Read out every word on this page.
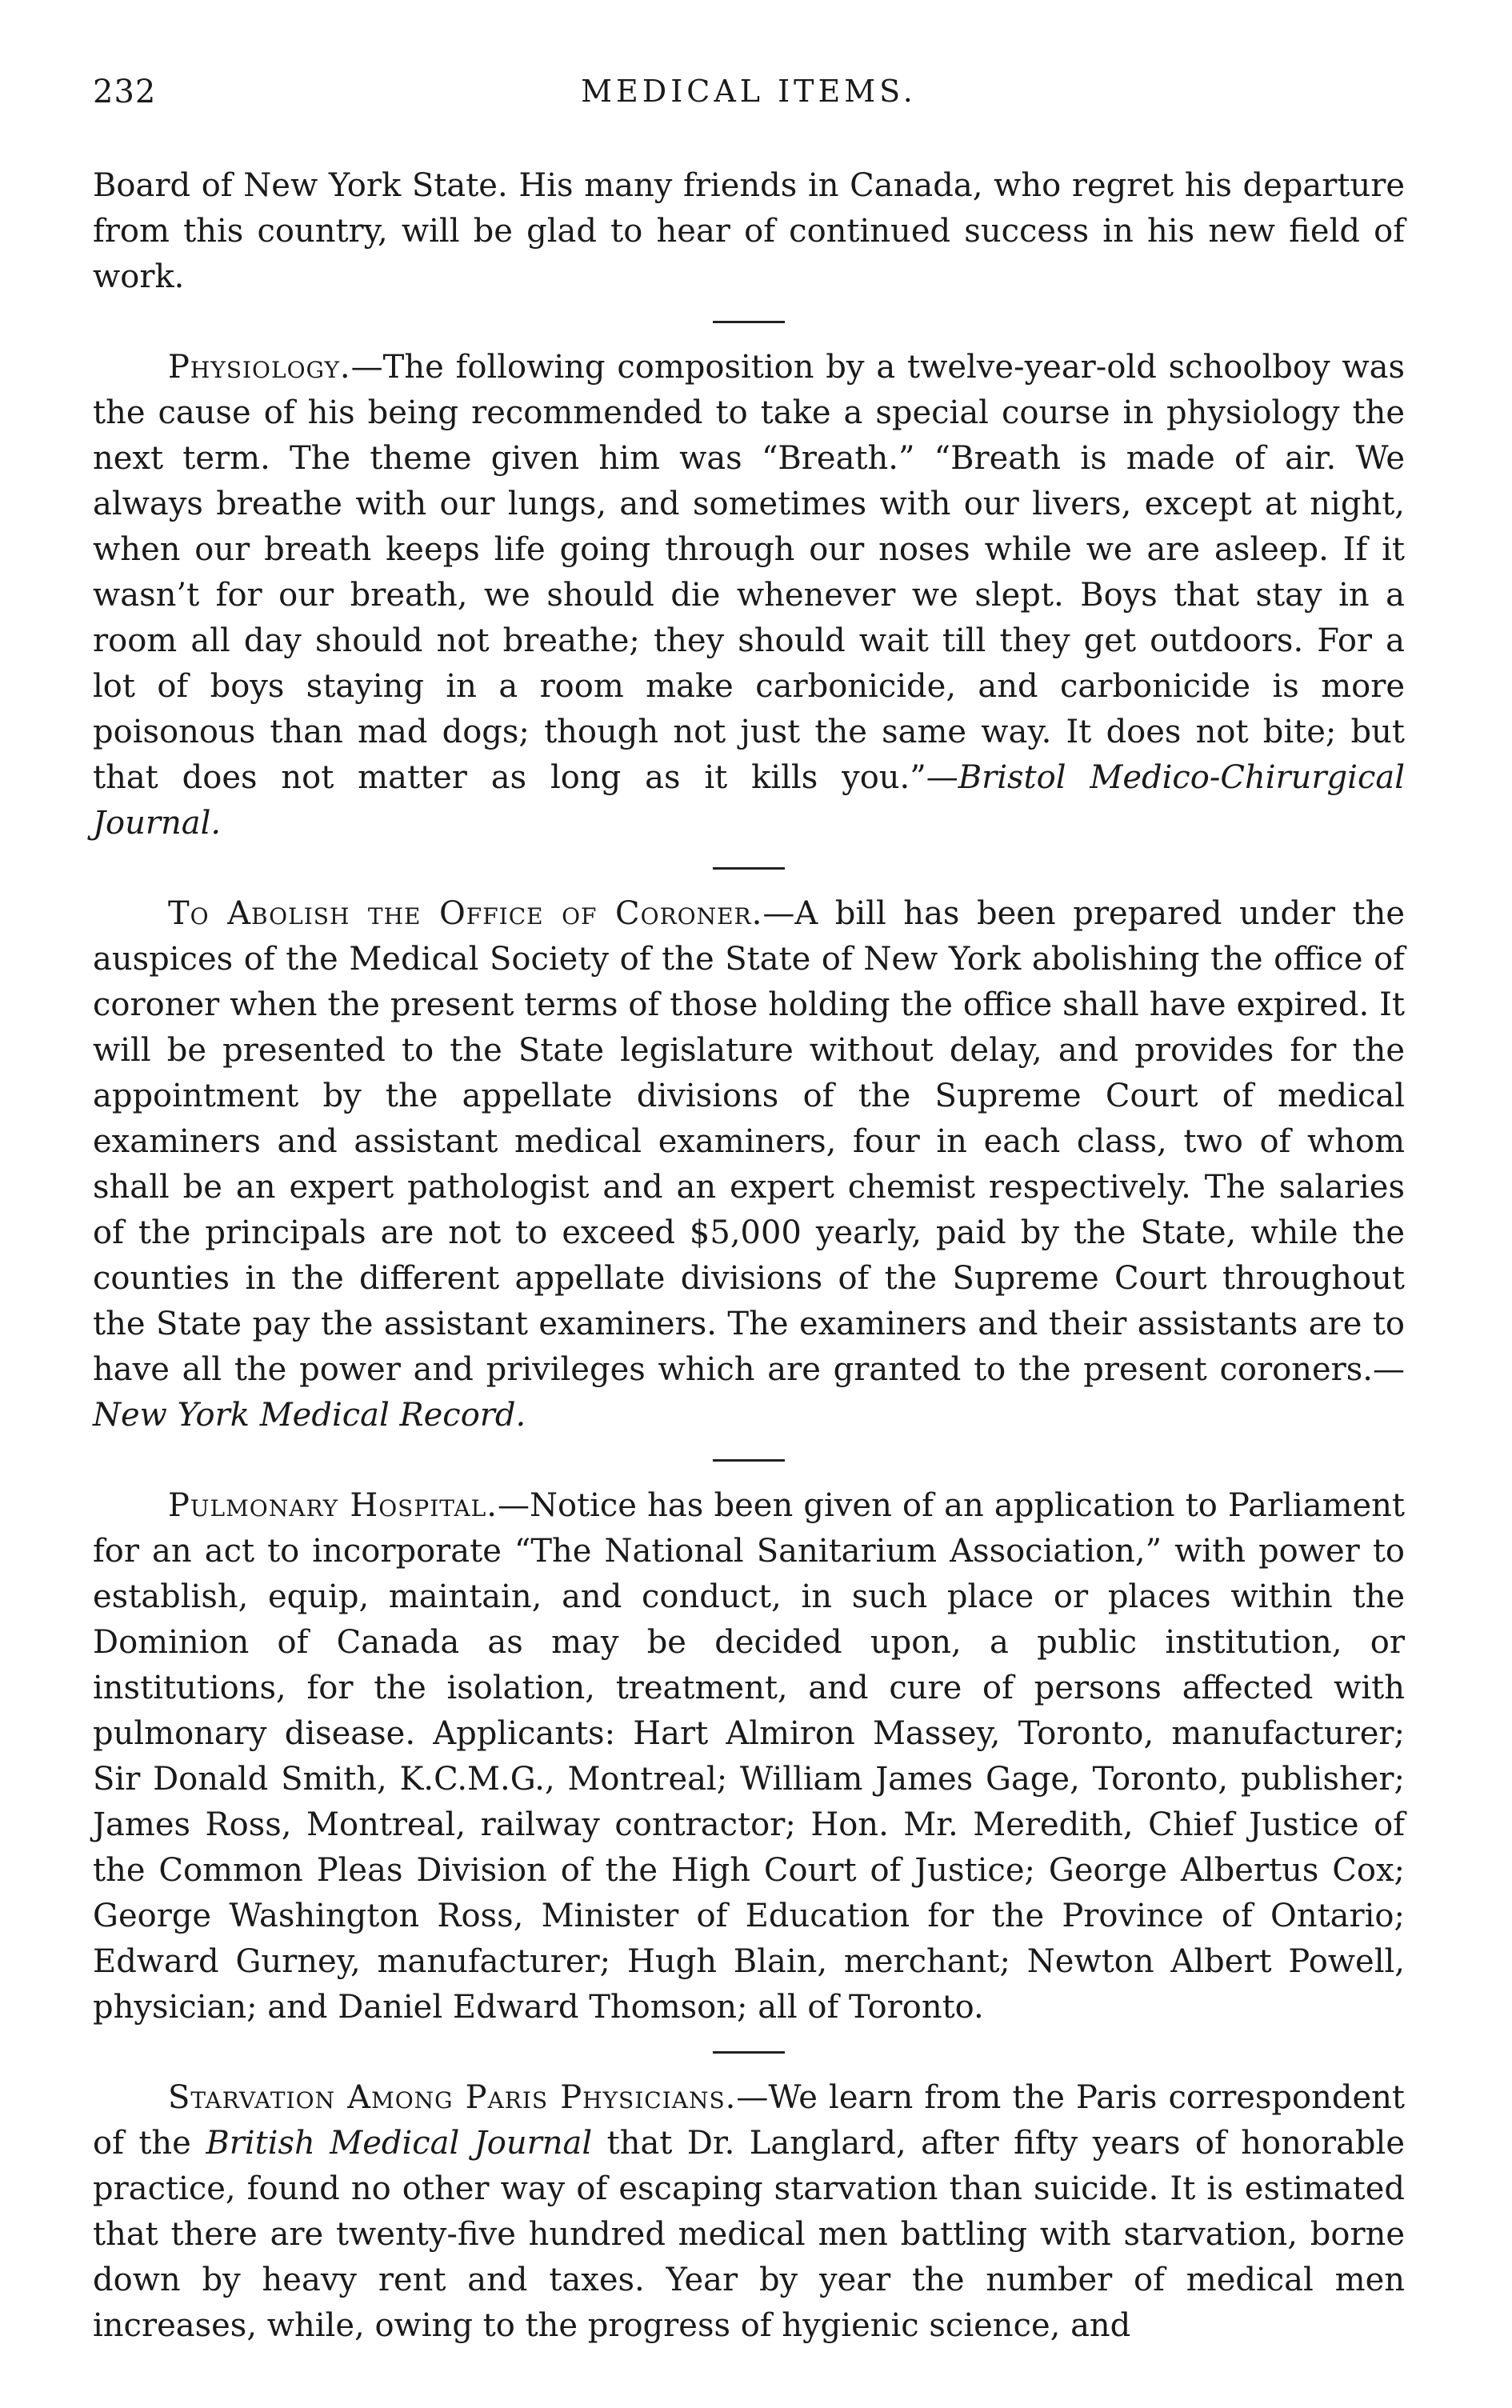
232	MEDICAL ITEMS.

Board of New York State. His many friends in Canada, who regret his departure from this country, will be glad to hear of continued success in his new field of work.

Physiology.—The following composition by a twelve-year-old schoolboy was the cause of his being recommended to take a special course in physiology the next term. The theme given him was “Breath.” “Breath is made of air. We always breathe with our lungs, and sometimes with our livers, except at night, when our breath keeps life going through our noses while we are asleep. If it wasn’t for our breath, we should die whenever we slept. Boys that stay in a room all day should not breathe; they should wait till they get outdoors. For a lot of boys staying in a room make carbonicide, and carbonicide is more poisonous than mad dogs; though not just the same way. It does not bite; but that does not matter as long as it kills you.”—Bristol Medico-Chirurgical Journal.

To Abolish the Office of Coroner.—A bill has been prepared under the auspices of the Medical Society of the State of New York abolishing the office of coroner when the present terms of those holding the office shall have expired. It will be presented to the State legislature without delay, and provides for the appointment by the appellate divisions of the Supreme Court of medical examiners and assistant medical examiners, four in each class, two of whom shall be an expert pathologist and an expert chemist respectively. The salaries of the principals are not to exceed $5,000 yearly, paid by the State, while the counties in the different appellate divisions of the Supreme Court throughout the State pay the assistant examiners. The examiners and their assistants are to have all the power and privileges which are granted to the present coroners.—New York Medical Record.

Pulmonary Hospital.—Notice has been given of an application to Parliament for an act to incorporate “The National Sanitarium Association,” with power to establish, equip, maintain, and conduct, in such place or places within the Dominion of Canada as may be decided upon, a public institution, or institutions, for the isolation, treatment, and cure of persons affected with pulmonary disease. Applicants: Hart Almiron Massey, Toronto, manufacturer; Sir Donald Smith, K.C.M.G., Montreal; William James Gage, Toronto, publisher; James Ross, Montreal, railway contractor; Hon. Mr. Meredith, Chief Justice of the Common Pleas Division of the High Court of Justice; George Albertus Cox; George Washington Ross, Minister of Education for the Province of Ontario; Edward Gurney, manufacturer; Hugh Blain, merchant; Newton Albert Powell, physician; and Daniel Edward Thomson; all of Toronto.

Starvation Among Paris Physicians.—We learn from the Paris correspondent of the British Medical Journal that Dr. Langlard, after fifty years of honorable practice, found no other way of escaping starvation than suicide. It is estimated that there are twenty-five hundred medical men battling with starvation, borne down by heavy rent and taxes. Year by year the number of medical men increases, while, owing to the progress of hygienic science, and
